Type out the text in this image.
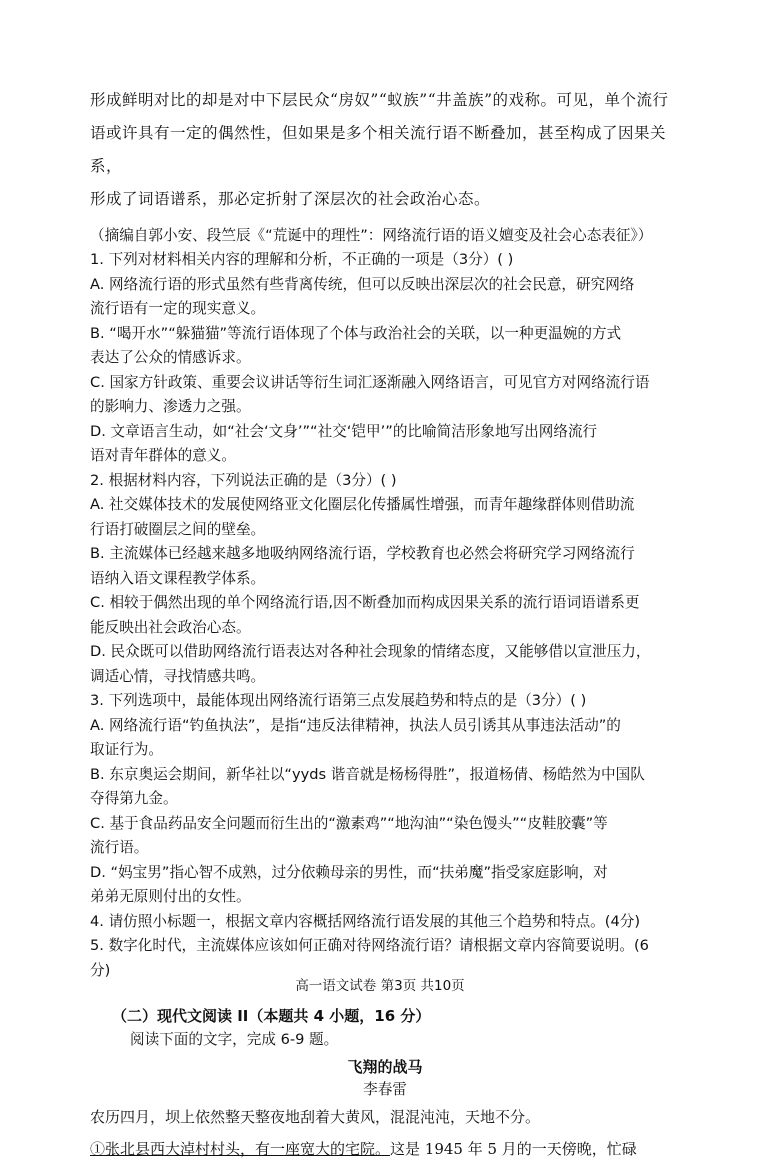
形成鲜明对比的却是对中下层民众“房奴”“蚁族”“井盖族”的戏称。可见，单个流行

语或许具有一定的偶然性，但如果是多个相关流行语不断叠加，甚至构成了因果关系，

形成了词语谱系，那必定折射了深层次的社会政治心态。

（摘编自郭小安、段竺辰《“荒诞中的理性”：网络流行语的语义嬗变及社会心态表征》）

1. 下列对材料相关内容的理解和分析，不正确的一项是（3分）( )

A. 网络流行语的形式虽然有些背离传统，但可以反映出深层次的社会民意，研究网络

流行语有一定的现实意义。

B. “喝开水”“躲猫猫”等流行语体现了个体与政治社会的关联，以一种更温婉的方式

表达了公众的情感诉求。

C. 国家方针政策、重要会议讲话等衍生词汇逐渐融入网络语言，可见官方对网络流行语

的影响力、渗透力之强。

D. 文章语言生动，如“社会‘文身’”“社交‘铠甲’”的比喻简洁形象地写出网络流行

语对青年群体的意义。

2. 根据材料内容，下列说法正确的是（3分）( )

A. 社交媒体技术的发展使网络亚文化圈层化传播属性增强，而青年趣缘群体则借助流

行语打破圈层之间的壁垒。

B. 主流媒体已经越来越多地吸纳网络流行语，学校教育也必然会将研究学习网络流行

语纳入语文课程教学体系。

C. 相较于偶然出现的单个网络流行语,因不断叠加而构成因果关系的流行语词语谱系更

能反映出社会政治心态。

D. 民众既可以借助网络流行语表达对各种社会现象的情绪态度，又能够借以宣泄压力，

调适心情，寻找情感共鸣。

3. 下列选项中，最能体现出网络流行语第三点发展趋势和特点的是（3分）( )

A. 网络流行语“钓鱼执法”，是指“违反法律精神，执法人员引诱其从事违法活动”的

取证行为。

B. 东京奥运会期间，新华社以“yyds 谐音就是杨杨得胜”，报道杨倩、杨皓然为中国队

夺得第九金。

C. 基于食品药品安全问题而衍生出的“激素鸡”“地沟油”“染色馒头”“皮鞋胶囊”等

流行语。

D. “妈宝男”指心智不成熟，过分依赖母亲的男性，而“扶弟魔”指受家庭影响，对

弟弟无原则付出的女性。

4. 请仿照小标题一，根据文章内容概括网络流行语发展的其他三个趋势和特点。(4分)

5. 数字化时代，主流媒体应该如何正确对待网络流行语？请根据文章内容简要说明。(6

分)

（二）现代文阅读 II（本题共 4 小题，16 分）

阅读下面的文字，完成 6-9 题。

飞翔的战马

李春雷

农历四月，坝上依然整天整夜地刮着大黄风，混混沌沌，天地不分。

①张北县西大淖村村头，有一座宽大的宅院。这是 1945 年 5 月的一天傍晚，忙碌

高一语文试卷 第3页 共10页
